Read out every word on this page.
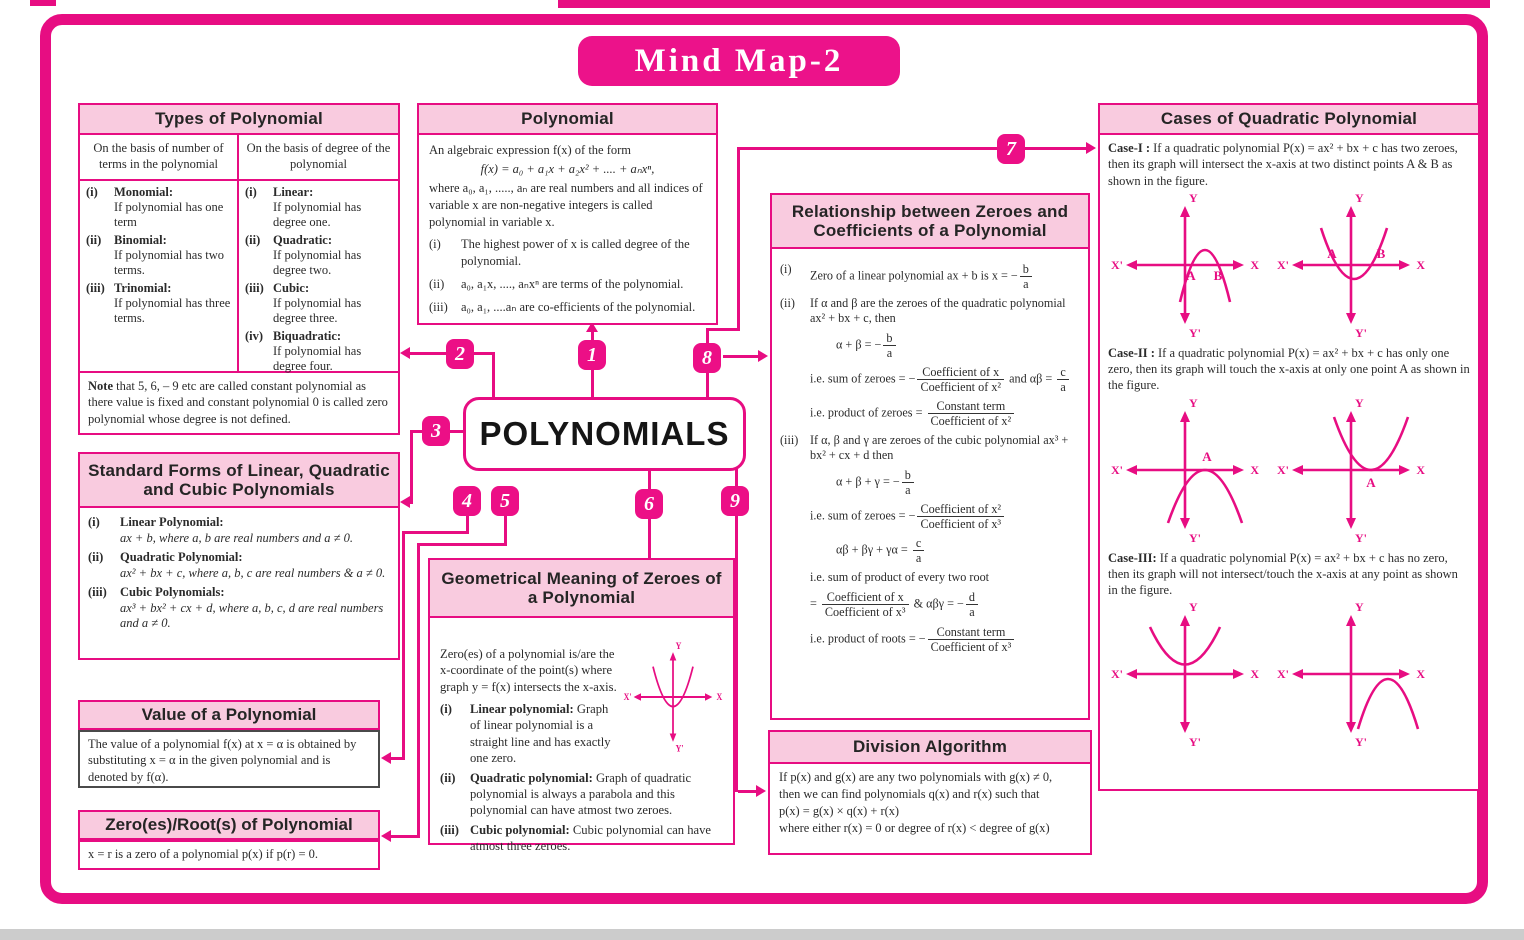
Mind Map-2
POLYNOMIALS
1
2
3
4	5	6
7
8
9
Types of Polynomial
On the basis of number of terms in the polynomial
On the basis of degree of the polynomial
(i)	Monomial:
If polynomial has one term
(ii)	Binomial:
If polynomial has two terms.
(iii) Trinomial:
If polynomial has three terms.
(i)	Linear:
If polynomial has degree one.
(ii)	Quadratic:
If polynomial has degree two.
(iii) Cubic:
If polynomial has degree three.
(iv) Biquadratic:
If polynomial has degree four.
Note that 5, 6, – 9 etc are called constant polynomial as there value is fixed and constant polynomial 0 is called zero polynomial whose degree is not defined.
Polynomial
An algebraic expression f(x) of the form
f(x) = a₀ + a₁x + a₂x² + .... + aₙxⁿ,
where a₀, a₁, ....., aₙ are real numbers and all indices of variable x are non-negative integers is called polynomial in variable x.
(i)	The highest power of x is called degree of the polynomial.
(ii)	a₀, a₁x, ...., aₙxⁿ are terms of the polynomial.
(iii)	a₀, a₁, ....aₙ are co-efficients of the polynomial.
Standard Forms of Linear, Quadratic and Cubic Polynomials
(i)	Linear Polynomial:
ax + b, where a, b are real numbers and a ≠ 0.
(ii)	Quadratic Polynomial:
ax² + bx + c, where a, b, c are real numbers & a ≠ 0.
(iii)	Cubic Polynomials:
ax³ + bx² + cx + d, where a, b, c, d are real numbers and a ≠ 0.
Value of a Polynomial
The value of a polynomial f(x) at x = α is obtained by substituting x = α in the given polynomial and is denoted by f(α).
Zero(es)/Root(s) of Polynomial
x = r is a zero of a polynomial p(x) if p(r) = 0.
Geometrical Meaning of Zeroes of a Polynomial
X'	X
Y
Y'
Zero(es) of a polynomial is/are the x-coordinate of the point(s) where graph y = f(x) intersects the x-axis.
(i)	Linear polynomial: Graph of linear polynomial is a straight line and has exactly one zero.
(ii)	Quadratic polynomial: Graph of quadratic polynomial is always a parabola and this polynomial can have atmost two zeroes.
(iii) Cubic polynomial: Cubic polynomial can have atmost three zeroes.
Relationship between Zeroes and Coefficients of a Polynomial
(i)	Zero of a linear polynomial ax + b is x = − $\frac{b}{a}$
(ii)	If α and β are the zeroes of the quadratic polynomial ax² + bx + c, then
α + β = − $\frac{b}{a}$
i.e. sum of zeroes = − $\frac{\text{Coefficient of x}}{\text{Coefficient of x²}}$ and $\alpha\beta = \frac{c}{a}$
i.e. product of zeroes = $\frac{\text{Constant term}}{\text{Coefficient of x²}}$
(iii) If α, β and γ are zeroes of the cubic polynomial ax³ + bx² + cx + d then
α + β + γ = − $\frac{b}{a}$
i.e. sum of zeroes = − $\frac{\text{Coefficient of x²}}{\text{Coefficient of x³}}$
$\alpha\beta + \beta\gamma + \gamma\alpha = \frac{c}{a}$
i.e. sum of product of every two root
= $\frac{\text{Coefficient of x}}{\text{Coefficient of x³}}$ & αβγ = − $\frac{d}{a}$
i.e. product of roots = − $\frac{\text{Constant term}}{\text{Coefficient of x³}}$
Division Algorithm
If p(x) and g(x) are any two polynomials with g(x) ≠ 0,
then we can find polynomials q(x) and r(x) such that
p(x) = g(x) × q(x) + r(x)
where either r(x) = 0 or degree of r(x) < degree of g(x)
Cases of Quadratic Polynomial
Case-I : If a quadratic polynomial P(x) = ax² + bx + c has two zeroes, then its graph will intersect the x-axis at two distinct points A & B as shown in the figure.
X'	X
Y
Y'
A B
X'	X
Y
Y'
A	B
Case-II : If a quadratic polynomial P(x) = ax² + bx + c has only one zero, then its graph will touch the x-axis at only one point A as shown in the figure.
X'	X
Y
Y'
A
X'	X
Y
Y'
A
Case-III: If a quadratic polynomial P(x) = ax² + bx + c has no zero, then its graph will not intersect/touch the x-axis at any point as shown in the figure.
X'	X
Y
Y'
X'	X
Y
Y'
